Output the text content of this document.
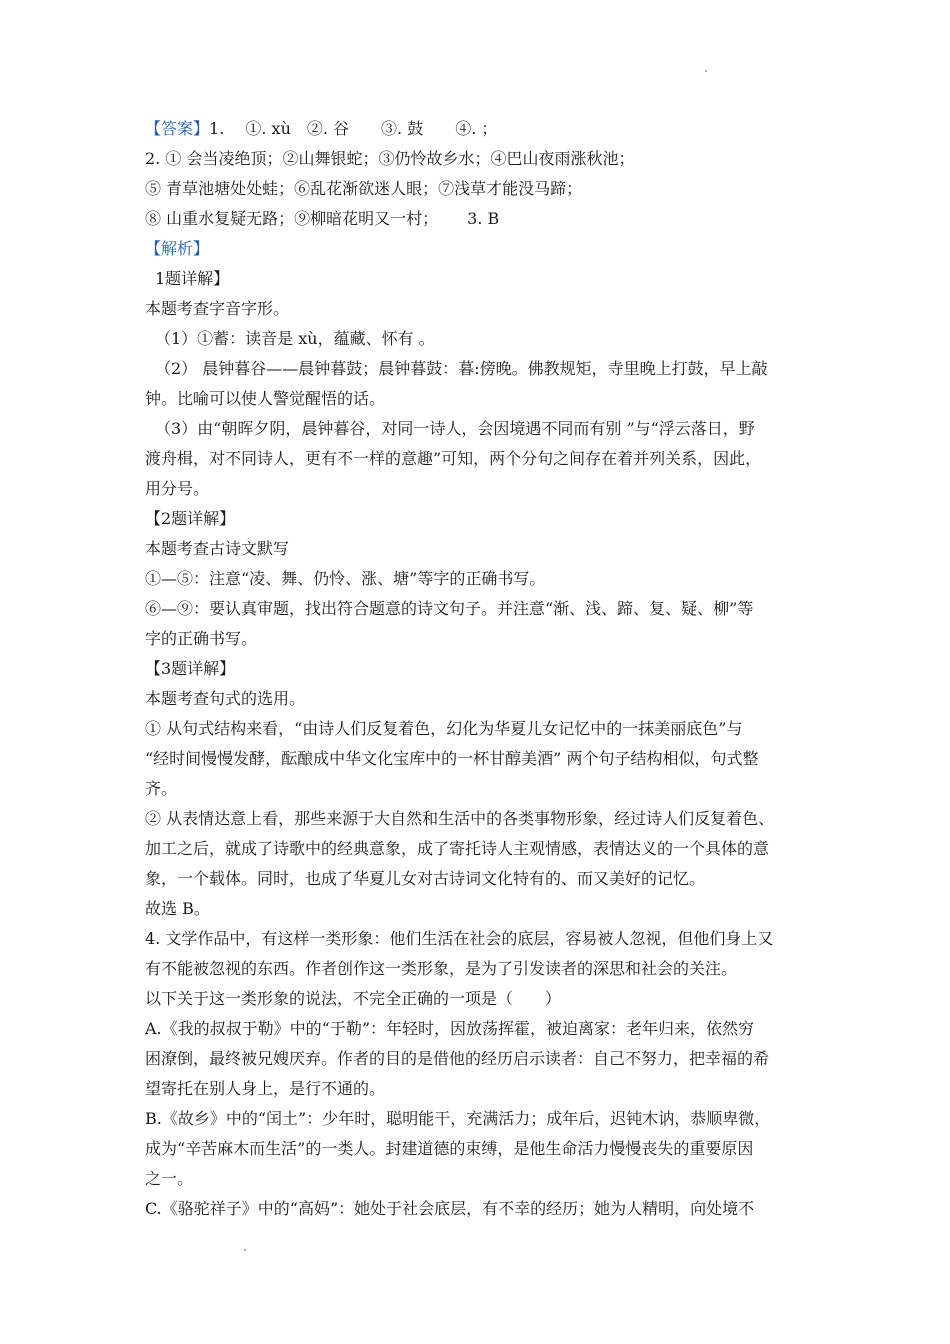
【答案】1.　 ①. xù　②. 谷　　③. 鼓　　④. ；
2. ① 会当凌绝顶；②山舞银蛇；③仍怜故乡水；④巴山夜雨涨秋池；
⑤ 青草池塘处处蛙；⑥乱花渐欲迷人眼；⑦浅草才能没马蹄；
⑧ 山重水复疑无路；⑨柳暗花明又一村；　　 3. B
【解析】
1题详解】
本题考查字音字形。
（1）①蓄：读音是 xù，蕴藏、怀有 。
（2） 晨钟暮谷——晨钟暮鼓；晨钟暮鼓：暮:傍晚。佛教规矩，寺里晚上打鼓，早上敲
钟。比喻可以使人警觉醒悟的话。
（3）由“朝晖夕阴，晨钟暮谷，对同一诗人，会因境遇不同而有别 ”与“浮云落日，野
渡舟楫，对不同诗人，更有不一样的意趣”可知，两个分句之间存在着并列关系，因此，
用分号。
【2题详解】
本题考查古诗文默写
①—⑤：注意“凌、舞、仍怜、涨、塘”等字的正确书写。
⑥—⑨：要认真审题，找出符合题意的诗文句子。并注意“渐、浅、蹄、复、疑、柳”等
字的正确书写。
【3题详解】
本题考查句式的选用。
① 从句式结构来看，“由诗人们反复着色，幻化为华夏儿女记忆中的一抹美丽底色”与
“经时间慢慢发酵，酝酿成中华文化宝库中的一杯甘醇美酒” 两个句子结构相似，句式整
齐。
② 从表情达意上看，那些来源于大自然和生活中的各类事物形象，经过诗人们反复着色、
加工之后，就成了诗歌中的经典意象，成了寄托诗人主观情感，表情达义的一个具体的意
象，一个载体。同时，也成了华夏儿女对古诗词文化特有的、而又美好的记忆。
故选 B。
4. 文学作品中，有这样一类形象：他们生活在社会的底层，容易被人忽视，但他们身上又
有不能被忽视的东西。作者创作这一类形象，是为了引发读者的深思和社会的关注。
以下关于这一类形象的说法，不完全正确的一项是（　　）
A.《我的叔叔于勒》中的“于勒”：年轻时，因放荡挥霍，被迫离家：老年归来，依然穷
困潦倒，最终被兄嫂厌弃。作者的目的是借他的经历启示读者：自己不努力，把幸福的希
望寄托在别人身上，是行不通的。
B.《故乡》中的“闰土”：少年时，聪明能干，充满活力；成年后，迟钝木讷，恭顺卑微，
成为“辛苦麻木而生活”的一类人。封建道德的束缚，是他生命活力慢慢丧失的重要原因
之一。
C.《骆驼祥子》中的“高妈”：她处于社会底层，有不幸的经历；她为人精明，向处境不
